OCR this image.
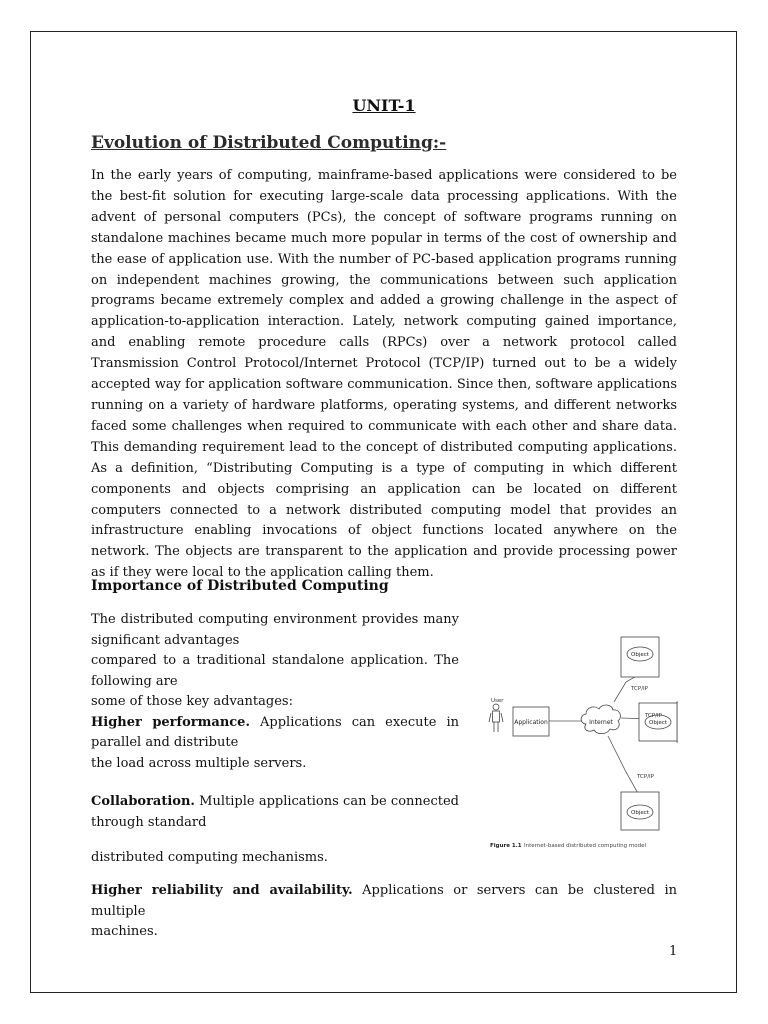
UNIT-1
Evolution of Distributed Computing:-

In the early years of computing, mainframe-based applications were considered to be the best-fit solution for executing large-scale data processing applications. With the advent of personal computers (PCs), the concept of software programs running on standalone machines became much more popular in terms of the cost of ownership and the ease of application use. With the number of PC-based application programs running on independent machines growing, the communications between such application programs became extremely complex and added a growing challenge in the aspect of application-to-application interaction. Lately, network computing gained importance, and enabling remote procedure calls (RPCs) over a network protocol called Transmission Control Protocol/Internet Protocol (TCP/IP) turned out to be a widely accepted way for application software communication. Since then, software applications running on a variety of hardware platforms, operating systems, and different networks faced some challenges when required to communicate with each other and share data. This demanding requirement lead to the concept of distributed computing applications. As a definition, “Distributing Computing is a type of computing in which different components and objects comprising an application can be located on different computers connected to a network distributed computing model that provides an infrastructure enabling invocations of object functions located anywhere on the network. The objects are transparent to the application and provide processing power as if they were local to the application calling them.

Importance of Distributed Computing

The distributed computing environment provides many
significant advantages
compared to a traditional standalone application. The
following are
some of those key advantages:
Higher performance. Applications can execute in
parallel and distribute
the load across multiple servers.

Collaboration. Multiple applications can be connected
through standard

distributed computing mechanisms.

Higher reliability and availability. Applications or servers can be clustered in multiple
machines.

User
Application	Internet
Object
Object
Object
TCP/IP
TCP/IP
TCP/IP
Figure 1.1 Internet-based distributed computing model
1
